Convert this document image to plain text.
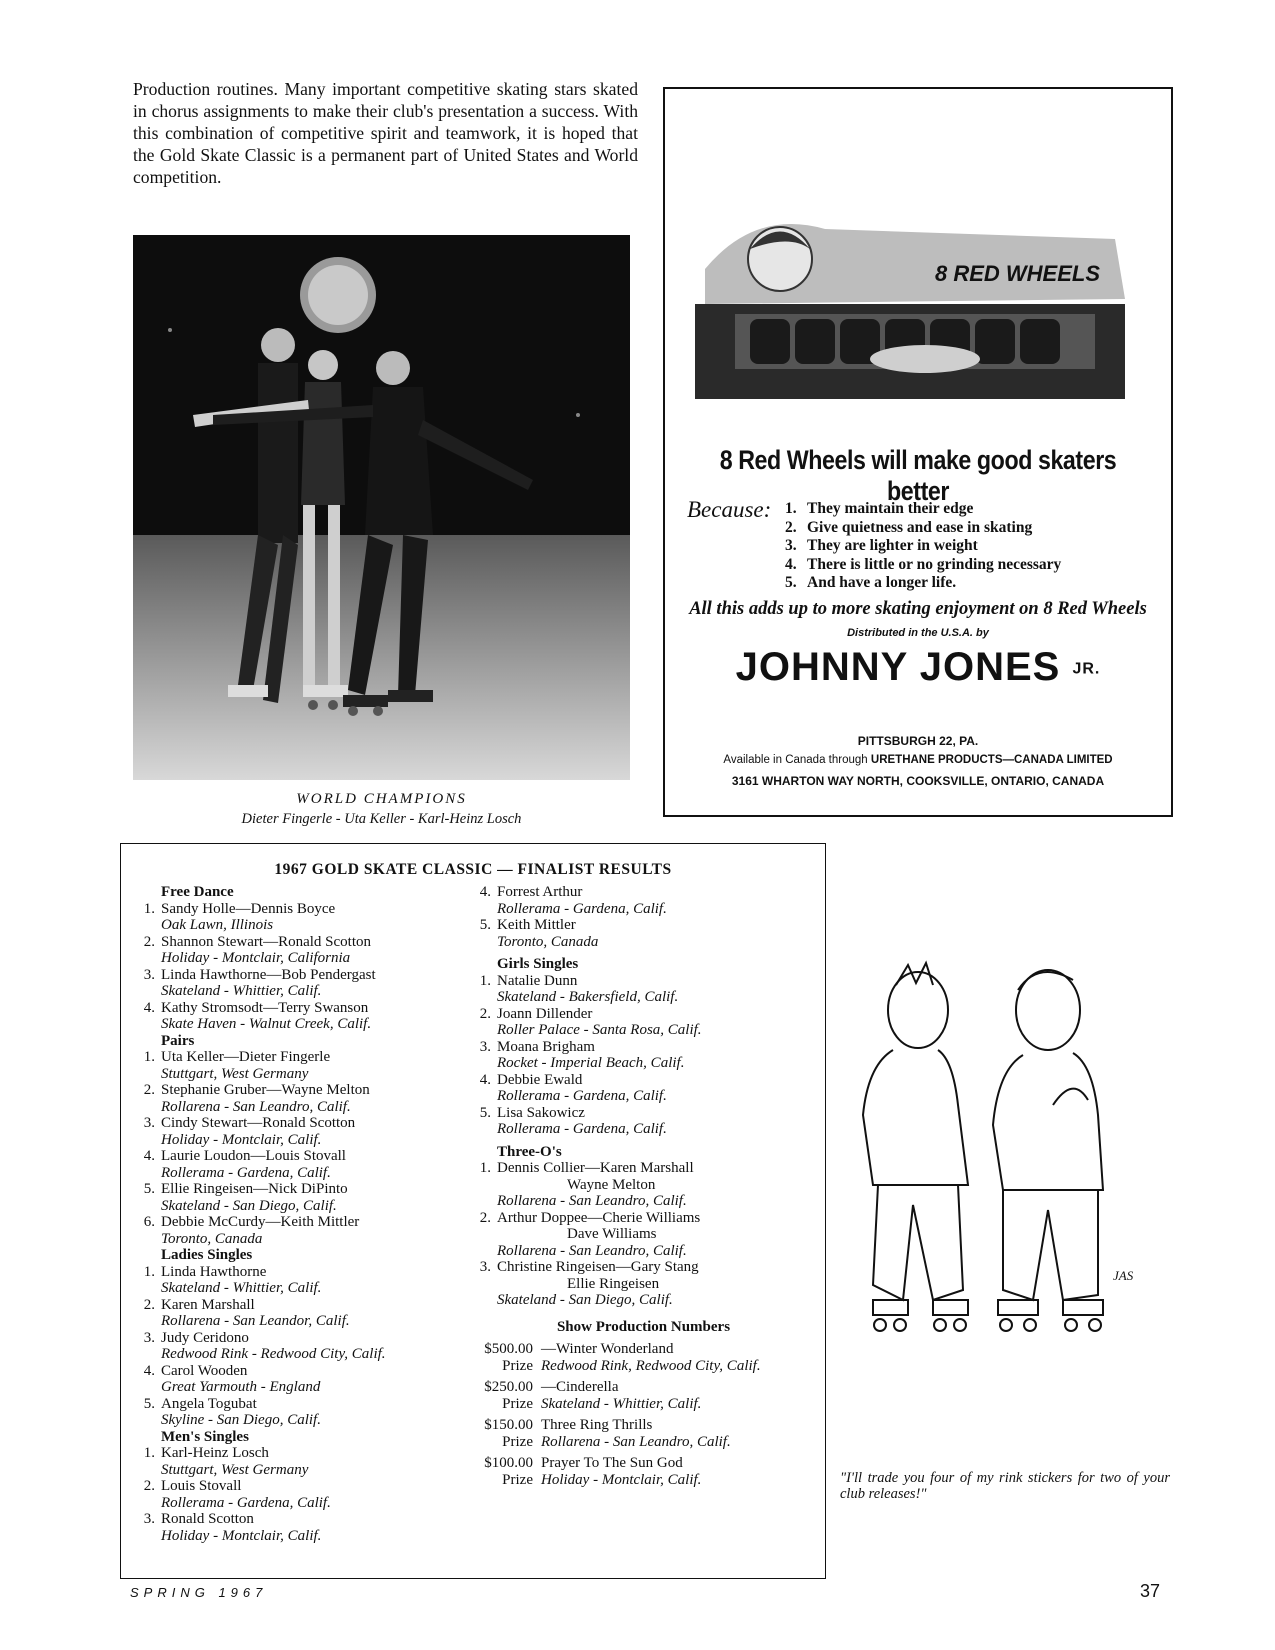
Production routines. Many important competitive skating stars skated in chorus assignments to make their club's presentation a success. With this combination of competitive spirit and teamwork, it is hoped that the Gold Skate Classic is a permanent part of United States and World competition.
WORLD CHAMPIONS
Dieter Fingerle - Uta Keller - Karl-Heinz Losch
8 RED WHEELS
8 Red Wheels will make good skaters better
Because: 1. They maintain their edge
2. Give quietness and ease in skating
3. They are lighter in weight
4. There is little or no grinding necessary
5. And have a longer life.
All this adds up to more skating enjoyment on 8 Red Wheels
Distributed in the U.S.A. by
JOHNNY JONES JR.
PITTSBURGH 22, PA.
Available in Canada through URETHANE PRODUCTS—CANADA LIMITED
3161 WHARTON WAY NORTH, COOKSVILLE, ONTARIO, CANADA
1967 GOLD SKATE CLASSIC — FINALIST RESULTS
Free Dance
1. Sandy Holle—Dennis Boyce
Oak Lawn, Illinois
2. Shannon Stewart—Ronald Scotton
Holiday - Montclair, California
3. Linda Hawthorne—Bob Pendergast
Skateland - Whittier, Calif.
4. Kathy Stromsodt—Terry Swanson
Skate Haven - Walnut Creek, Calif.
Pairs
1. Uta Keller—Dieter Fingerle
Stuttgart, West Germany
2. Stephanie Gruber—Wayne Melton
Rollarena - San Leandro, Calif.
3. Cindy Stewart—Ronald Scotton
Holiday - Montclair, Calif.
4. Laurie Loudon—Louis Stovall
Rollerama - Gardena, Calif.
5. Ellie Ringeisen—Nick DiPinto
Skateland - San Diego, Calif.
6. Debbie McCurdy—Keith Mittler
Toronto, Canada
Ladies Singles
1. Linda Hawthorne
Skateland - Whittier, Calif.
2. Karen Marshall
Rollarena - San Leandor, Calif.
3. Judy Ceridono
Redwood Rink - Redwood City, Calif.
4. Carol Wooden
Great Yarmouth - England
5. Angela Togubat
Skyline - San Diego, Calif.
Men's Singles
1. Karl-Heinz Losch
Stuttgart, West Germany
2. Louis Stovall
Rollerama - Gardena, Calif.
3. Ronald Scotton
Holiday - Montclair, Calif.
4. Forrest Arthur
Rollerama - Gardena, Calif.
5. Keith Mittler
Toronto, Canada
Girls Singles
1. Natalie Dunn
Skateland - Bakersfield, Calif.
2. Joann Dillender
Roller Palace - Santa Rosa, Calif.
3. Moana Brigham
Rocket - Imperial Beach, Calif.
4. Debbie Ewald
Rollerama - Gardena, Calif.
5. Lisa Sakowicz
Rollerama - Gardena, Calif.
Three-O's
1. Dennis Collier—Karen Marshall
Wayne Melton
Rollarena - San Leandro, Calif.
2. Arthur Doppee—Cherie Williams
Dave Williams
Rollarena - San Leandro, Calif.
3. Christine Ringeisen—Gary Stang
Ellie Ringeisen
Skateland - San Diego, Calif.
Show Production Numbers
$500.00
Prize
—Winter Wonderland
Redwood Rink, Redwood City, Calif.
$250.00
Prize
—Cinderella
Skateland - Whittier, Calif.
$150.00
Prize
Three Ring Thrills
Rollarena - San Leandro, Calif.
$100.00
Prize
Prayer To The Sun God
Holiday - Montclair, Calif.
JAS
"I'll trade you four of my rink stickers for two of your club releases!"
SPRING 1967	37
